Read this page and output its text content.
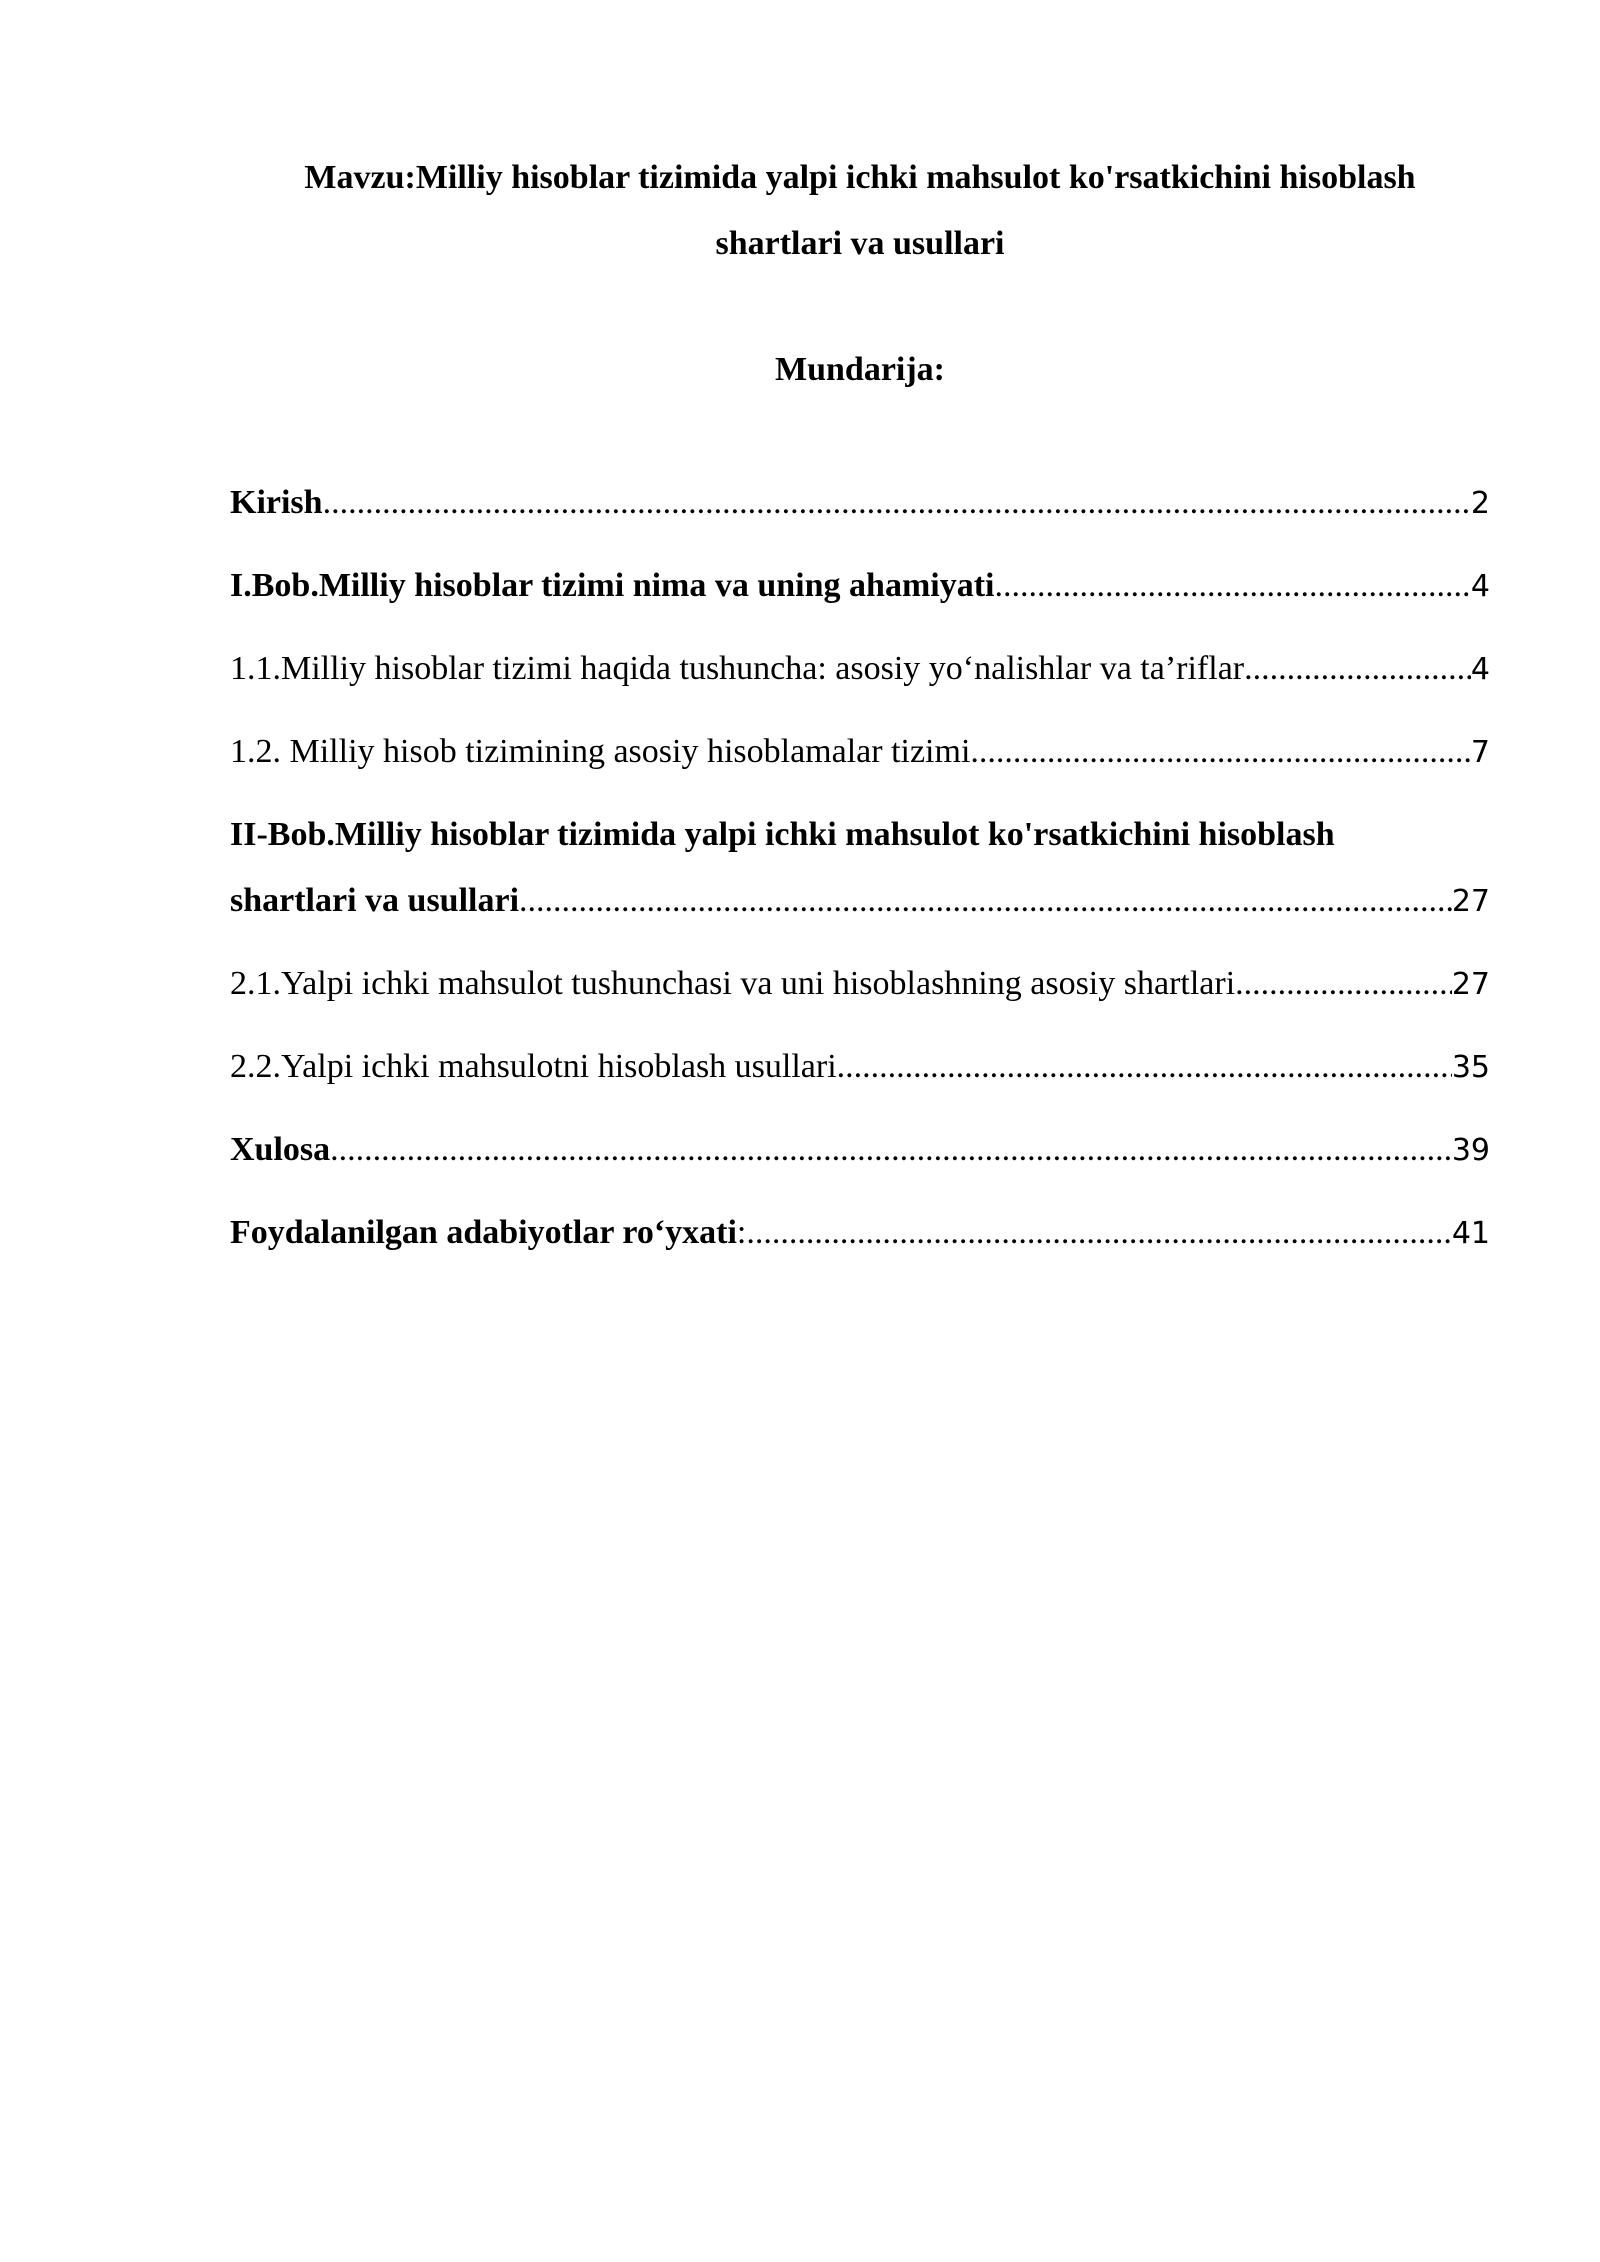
Mavzu:Milliy hisoblar tizimida yalpi ichki mahsulot ko'rsatkichini hisoblash
shartlari va usullari
Mundarija:
Kirish .....	2
I.Bob.Milliy hisoblar tizimi nima va uning ahamiyati .....	4
1.1.Milliy hisoblar tizimi haqida tushuncha: asosiy yo‘nalishlar va ta’riflar .....	4
1.2. Milliy hisob tizimining asosiy hisoblamalar tizimi .....	7
II-Bob.Milliy hisoblar tizimida yalpi ichki mahsulot ko'rsatkichini hisoblash
shartlari va usullari .....	27
2.1.Yalpi ichki mahsulot tushunchasi va uni hisoblashning asosiy shartlari .....	27
2.2.Yalpi ichki mahsulotni hisoblash usullari .....	35
Xulosa .....	39
Foydalanilgan adabiyotlar ro‘yxati : .....	41
